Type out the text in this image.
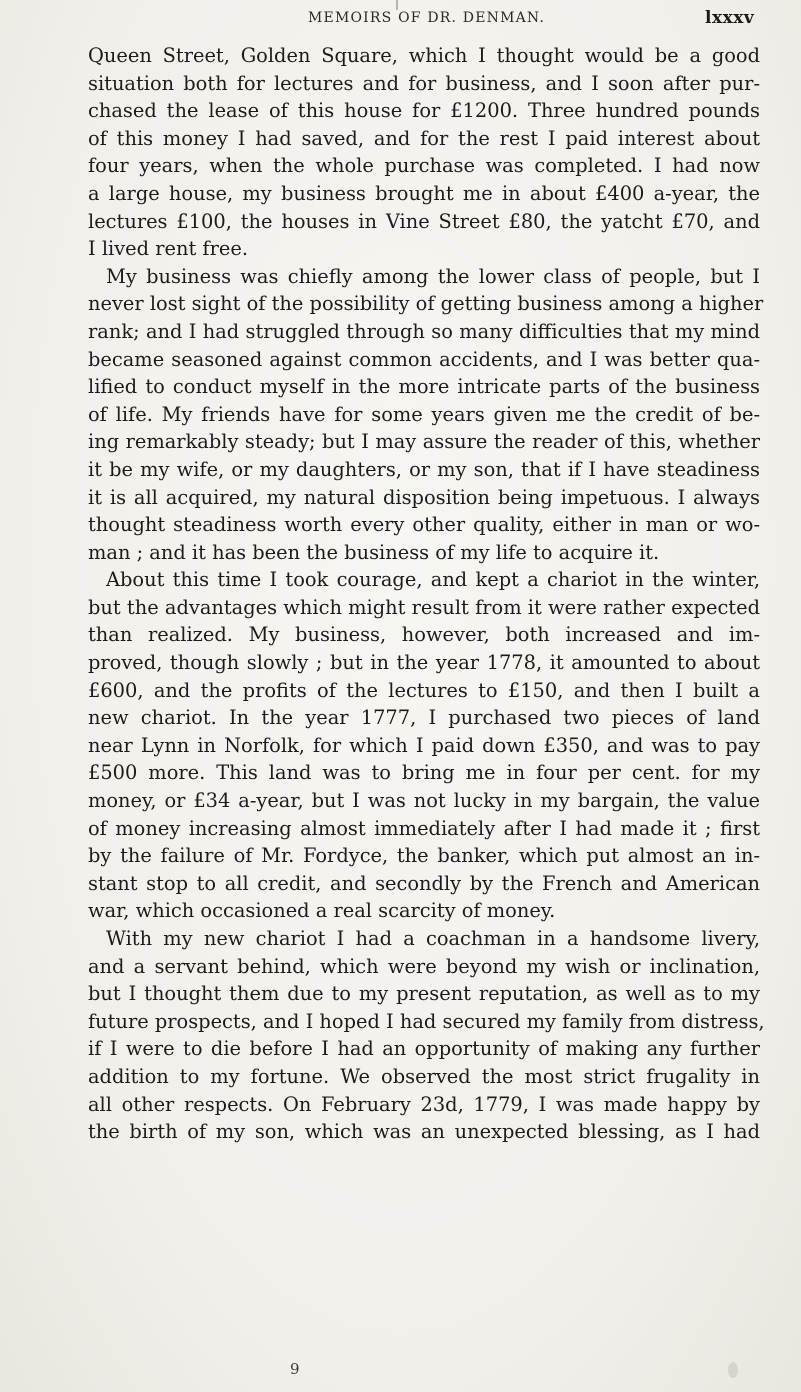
MEMOIRS OF DR. DENMAN.	lxxxv
Queen Street, Golden Square, which I thought would be a good
situation both for lectures and for business, and I soon after pur-
chased the lease of this house for £1200. Three hundred pounds
of this money I had saved, and for the rest I paid interest about
four years, when the whole purchase was completed. I had now
a large house, my business brought me in about £400 a-year, the
lectures £100, the houses in Vine Street £80, the yatcht £70, and
I lived rent free.
My business was chiefly among the lower class of people, but I
never lost sight of the possibility of getting business among a higher
rank; and I had struggled through so many difficulties that my mind
became seasoned against common accidents, and I was better qua-
lified to conduct myself in the more intricate parts of the business
of life. My friends have for some years given me the credit of be-
ing remarkably steady; but I may assure the reader of this, whether
it be my wife, or my daughters, or my son, that if I have steadiness
it is all acquired, my natural disposition being impetuous. I always
thought steadiness worth every other quality, either in man or wo-
man ; and it has been the business of my life to acquire it.
About this time I took courage, and kept a chariot in the winter,
but the advantages which might result from it were rather expected
than realized. My business, however, both increased and im-
proved, though slowly ; but in the year 1778, it amounted to about
£600, and the profits of the lectures to £150, and then I built a
new chariot. In the year 1777, I purchased two pieces of land
near Lynn in Norfolk, for which I paid down £350, and was to pay
£500 more. This land was to bring me in four per cent. for my
money, or £34 a-year, but I was not lucky in my bargain, the value
of money increasing almost immediately after I had made it ; first
by the failure of Mr. Fordyce, the banker, which put almost an in-
stant stop to all credit, and secondly by the French and American
war, which occasioned a real scarcity of money.
With my new chariot I had a coachman in a handsome livery,
and a servant behind, which were beyond my wish or inclination,
but I thought them due to my present reputation, as well as to my
future prospects, and I hoped I had secured my family from distress,
if I were to die before I had an opportunity of making any further
addition to my fortune. We observed the most strict frugality in
all other respects. On February 23d, 1779, I was made happy by
the birth of my son, which was an unexpected blessing, as I had
9
